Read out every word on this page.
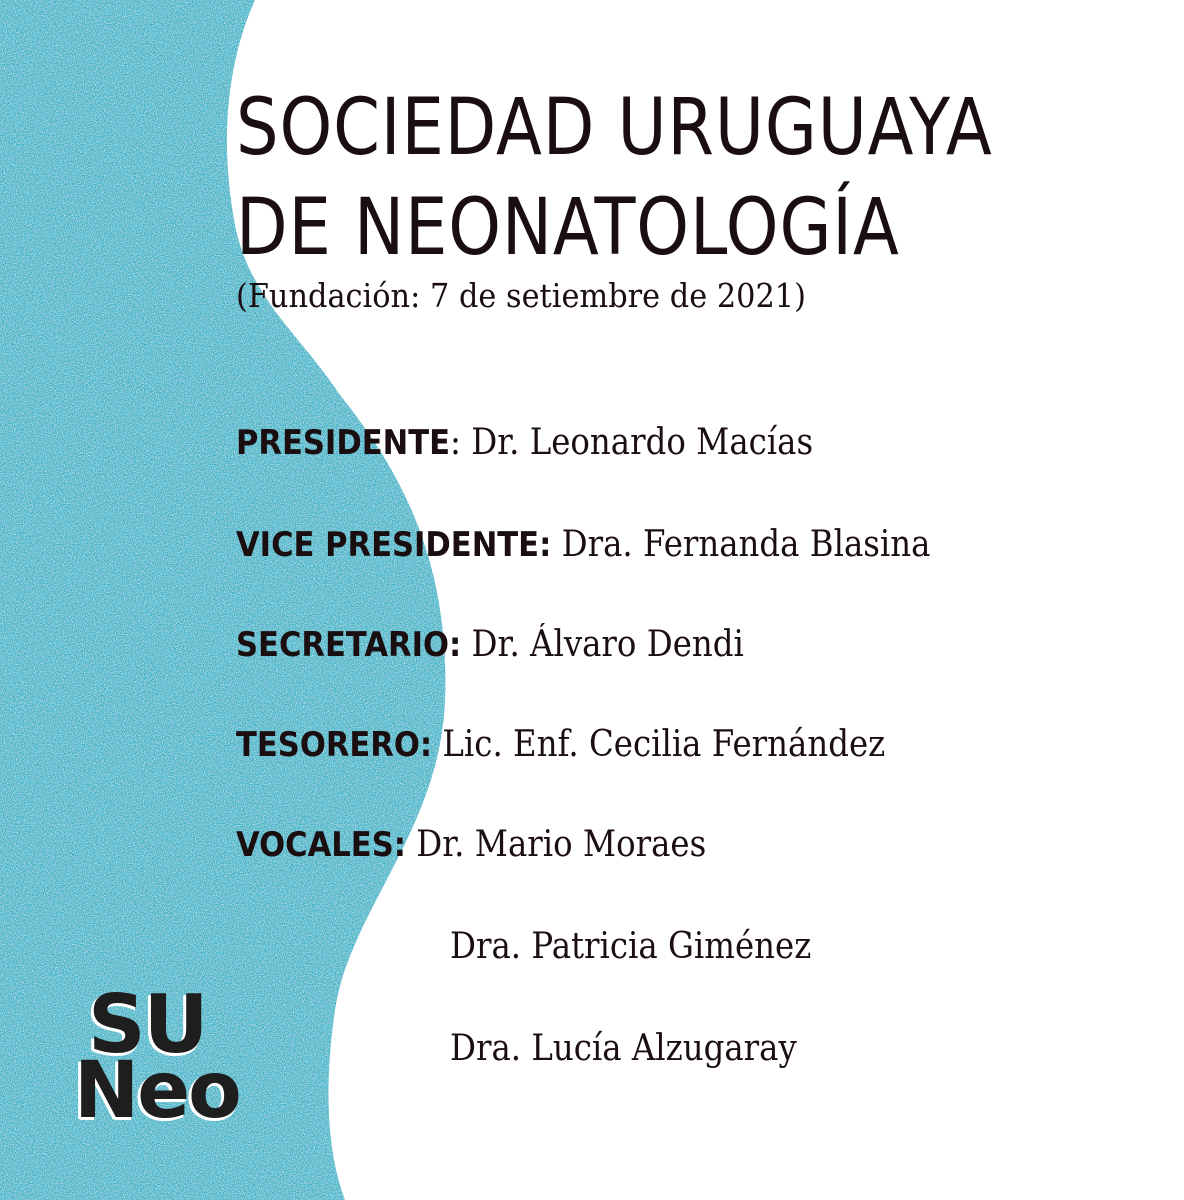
SOCIEDAD URUGUAYA
DE NEONATOLOGÍA
(Fundación: 7 de setiembre de 2021)
PRESIDENTE: Dr. Leonardo Macías
VICE PRESIDENTE: Dra. Fernanda Blasina
SECRETARIO: Dr. Álvaro Dendi
TESORERO: Lic. Enf. Cecilia Fernández
VOCALES: Dr. Mario Moraes
Dra. Patricia Giménez
Dra. Lucía Alzugaray
SU
Neo
